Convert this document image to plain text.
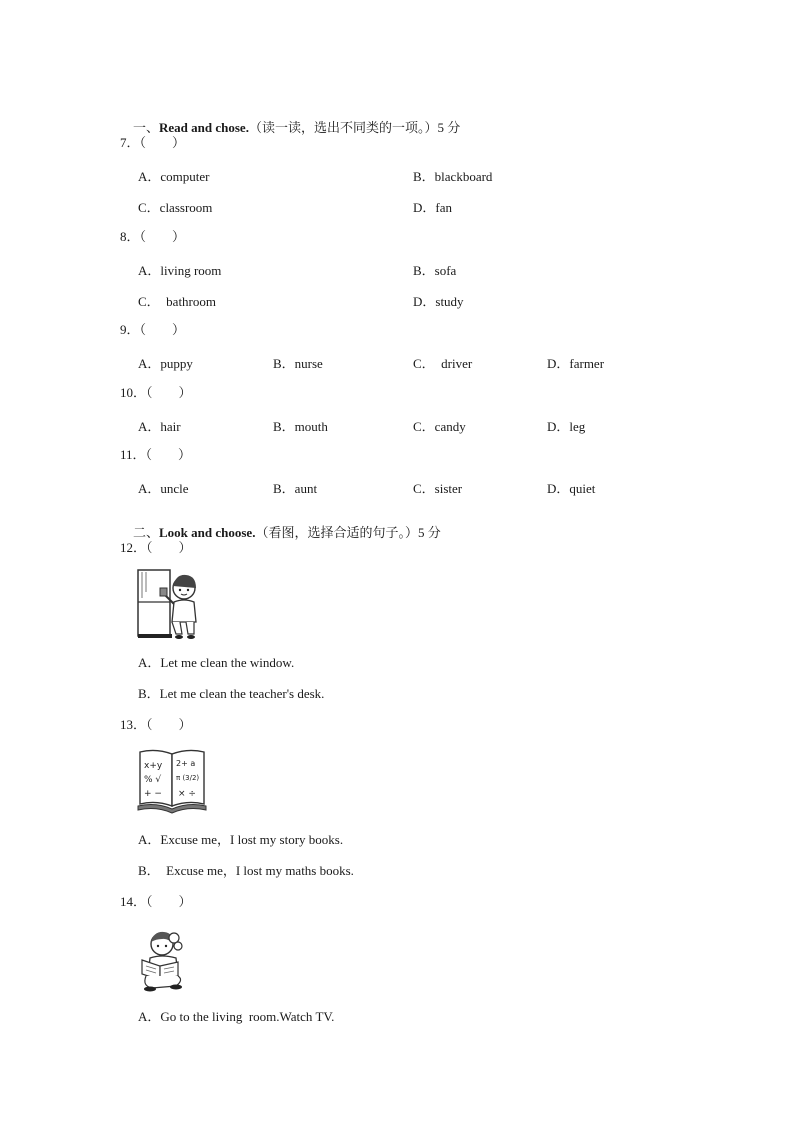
一、Read and chose.（读一读，选出不同类的一项。）5 分

7．（　　）
A．computer	B．blackboard
C．classroom	D．fan
8．（　　）
A．living room	B．sofa
C．  bathroom	D．study
9．（　　）
A．puppy	B．nurse	C．  driver	D．farmer
10．（　　）
A．hair	B．mouth	C．candy	D．leg
11．（　　）
A．uncle	B．aunt	C．sister	D．quiet

二、Look and choose.（看图，选择合适的句子。）5 分

12．（　　）
A．Let me clean the window.
B．Let me clean the teacher's desk.
13．（　　）
x+y
% √
+ −
2+ a
π (3/2)
× ÷
A．Excuse me，I lost my story books.
B．  Excuse me，I lost my maths books.
14．（　　）
A．Go to the living  room.Watch TV.
